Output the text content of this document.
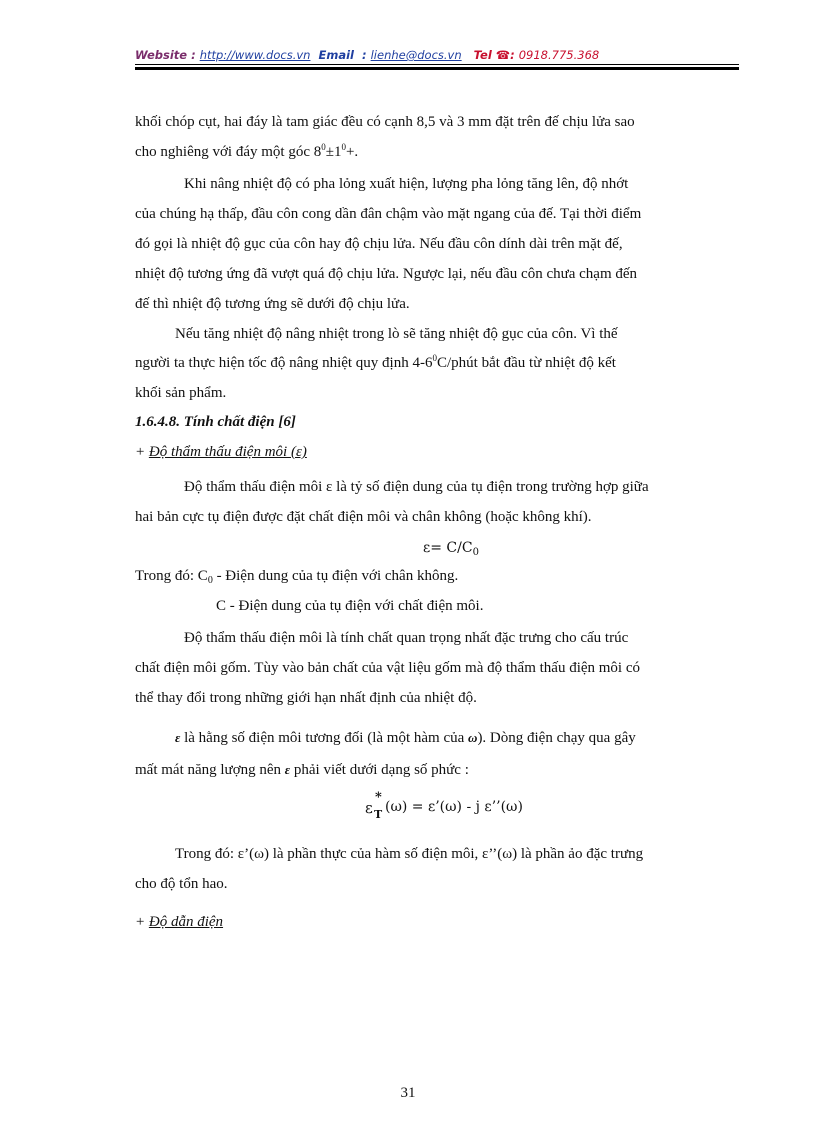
Website : http://www.docs.vn Email : lienhe@docs.vn Tel ☎: 0918.775.368
khối chóp cụt, hai đáy là tam giác đều có cạnh 8,5 và 3 mm đặt trên đế chịu lửa sao
cho nghiêng với đáy một góc $8^0\pm 1^0+$.
Khi nâng nhiệt độ có pha lỏng xuất hiện, lượng pha lỏng tăng lên, độ nhớt
của chúng hạ thấp, đầu côn cong dần đân chậm vào mặt ngang của đế. Tại thời điểm
đó gọi là nhiệt độ gục của côn hay độ chịu lửa. Nếu đầu côn dính dài trên mặt đế,
nhiệt độ tương ứng đã vượt quá độ chịu lửa. Ngược lại, nếu đầu côn chưa chạm đến
đế thì nhiệt độ tương ứng sẽ dưới độ chịu lửa.
Nếu tăng nhiệt độ nâng nhiệt trong lò sẽ tăng nhiệt độ gục của côn. Vì thế
người ta thực hiện tốc độ nâng nhiệt quy định $4-6^0C$/phút bắt đầu từ nhiệt độ kết
khối sản phẩm.
1.6.4.8. Tính chất điện [6]
+ Độ thẩm thấu điện môi (ε)
Độ thẩm thấu điện môi ε là tỷ số điện dung của tụ điện trong trường hợp giữa
hai bản cực tụ điện được đặt chất điện môi và chân không (hoặc không khí).
$\varepsilon= C/C_0$
Trong đó: $C_0$ - Điện dung của tụ điện với chân không.
C - Điện dung của tụ điện với chất điện môi.
Độ thẩm thấu điện môi là tính chất quan trọng nhất đặc trưng cho cấu trúc
chất điện môi gốm. Tùy vào bản chất của vật liệu gốm mà độ thẩm thấu điện môi có
thể thay đổi trong những giới hạn nhất định của nhiệt độ.
ε là hằng số điện môi tương đối (là một hàm của ω). Dòng điện chạy qua gây
mất mát năng lượng nên ε phải viết dưới dạng số phức :
ε
*
T (ω) = ε’(ω) - j ε’’(ω)
Trong đó: ε’(ω) là phần thực của hàm số điện môi, ε’’(ω) là phần ảo đặc trưng
cho độ tổn hao.
+ Độ dẫn điện
31
